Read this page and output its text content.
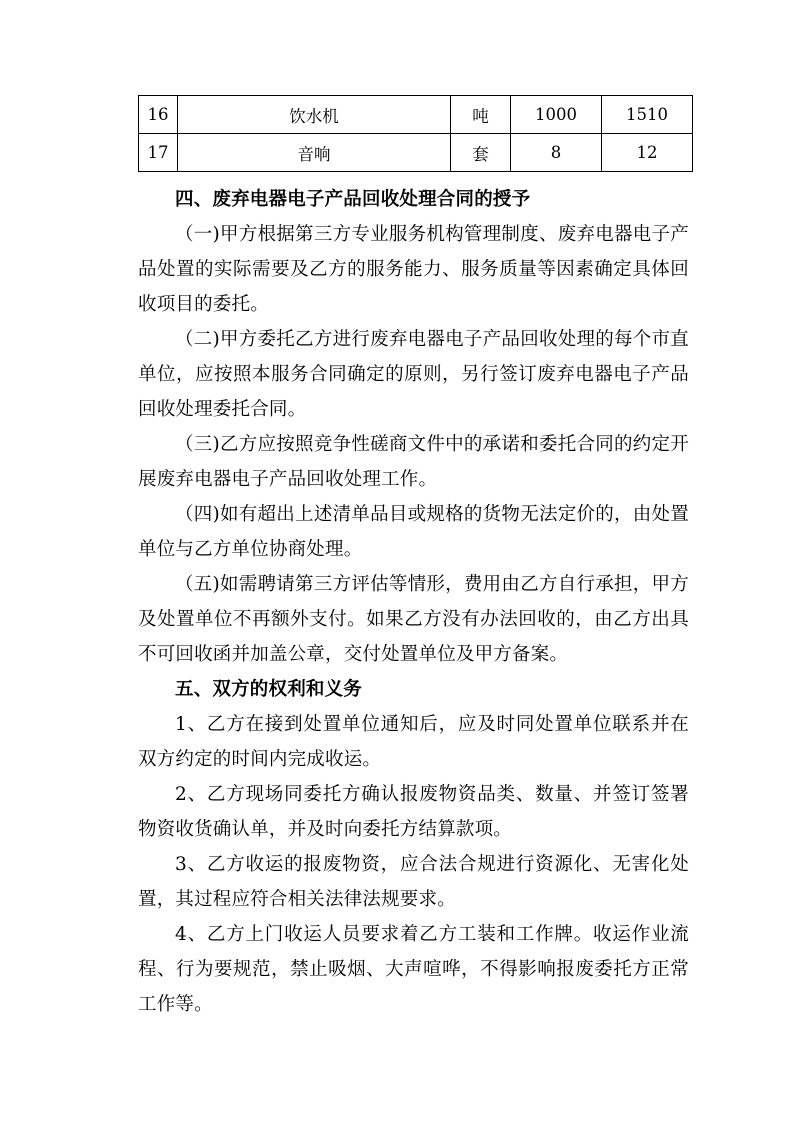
16	饮水机	吨	1000	1510
17	音响	套	8	12

四、废弃电器电子产品回收处理合同的授予

（一)甲方根据第三方专业服务机构管理制度、废弃电器电子产品处置的实际需要及乙方的服务能力、服务质量等因素确定具体回收项目的委托。

（二)甲方委托乙方进行废弃电器电子产品回收处理的每个市直单位，应按照本服务合同确定的原则，另行签订废弃电器电子产品回收处理委托合同。

（三)乙方应按照竞争性磋商文件中的承诺和委托合同的约定开展废弃电器电子产品回收处理工作。

（四)如有超出上述清单品目或规格的货物无法定价的，由处置单位与乙方单位协商处理。

（五)如需聘请第三方评估等情形，费用由乙方自行承担，甲方及处置单位不再额外支付。如果乙方没有办法回收的，由乙方出具不可回收函并加盖公章，交付处置单位及甲方备案。

五、双方的权利和义务

1、乙方在接到处置单位通知后，应及时同处置单位联系并在双方约定的时间内完成收运。

2、乙方现场同委托方确认报废物资品类、数量、并签订签署物资收货确认单，并及时向委托方结算款项。

3、乙方收运的报废物资，应合法合规进行资源化、无害化处置，其过程应符合相关法律法规要求。

4、乙方上门收运人员要求着乙方工装和工作牌。收运作业流程、行为要规范，禁止吸烟、大声喧哗，不得影响报废委托方正常工作等。
